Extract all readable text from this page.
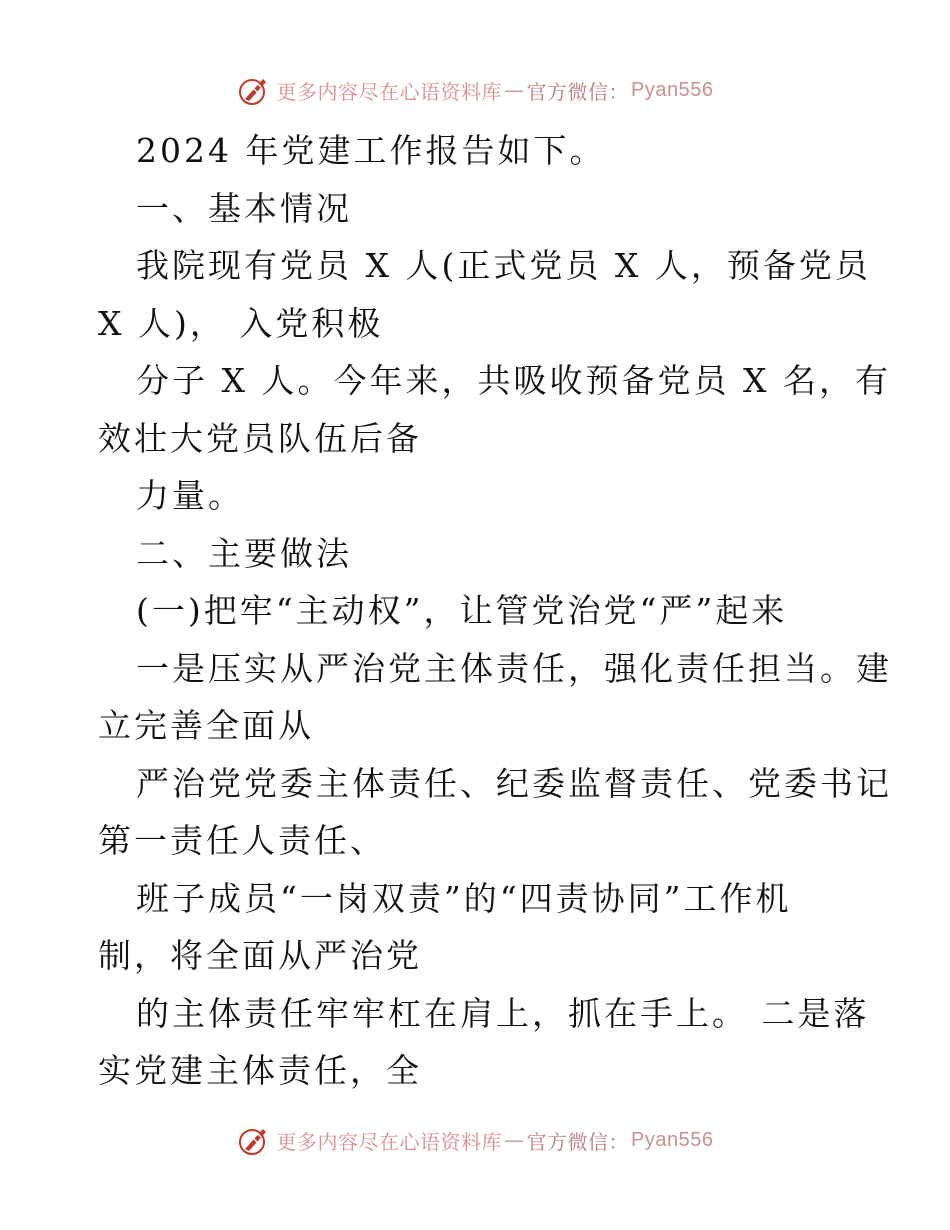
更多内容尽在心语资料库 — 官方微信： Pyan556
2024 年党建工作报告如下。
一、基本情况
我院现有党员 X 人(正式党员 X 人，预备党员
X 人)， 入党积极
分子 X 人。今年来，共吸收预备党员 X 名，有
效壮大党员队伍后备
力量。
二、主要做法
(一)把牢“主动权”，让管党治党“严”起来
一是压实从严治党主体责任，强化责任担当。建
立完善全面从
严治党党委主体责任、纪委监督责任、党委书记
第一责任人责任、
班子成员“一岗双责”的“四责协同”工作机
制，将全面从严治党
的主体责任牢牢杠在肩上，抓在手上。 二是落
实党建主体责任，全
更多内容尽在心语资料库 — 官方微信： Pyan556
